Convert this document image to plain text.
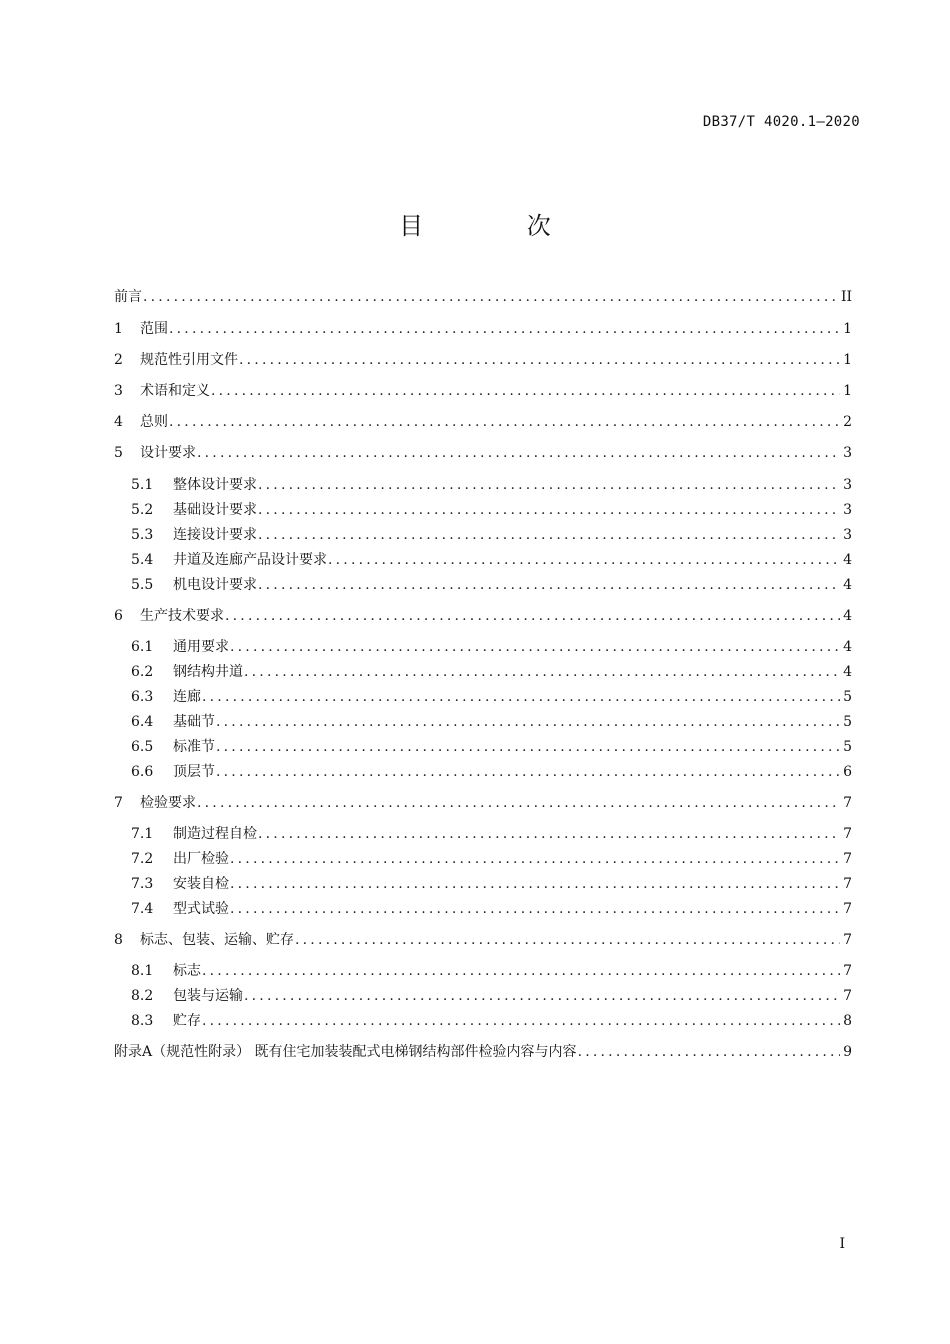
DB37/T 4020.1—2020
目 次
前言 .....	II
1	范围 .....	1
2	规范性引用文件 .....	1
3	术语和定义 .....	1
4	总则 .....	2
5	设计要求 .....	3
5.1	整体设计要求 .....	3
5.2	基础设计要求 .....	3
5.3	连接设计要求 .....	3
5.4	井道及连廊产品设计要求 .....	4
5.5	机电设计要求 .....	4
6	生产技术要求 .....	4
6.1	通用要求 .....	4
6.2	钢结构井道 .....	4
6.3	连廊 .....	5
6.4	基础节 .....	5
6.5	标准节 .....	5
6.6	顶层节 .....	6
7	检验要求 .....	7
7.1	制造过程自检 .....	7
7.2	出厂检验 .....	7
7.3	安装自检 .....	7
7.4	型式试验 .....	7
8	标志、包装、运输、贮存 .....	7
8.1	标志 .....	7
8.2	包装与运输 .....	7
8.3	贮存 .....	8
附录A（规范性附录） 既有住宅加装装配式电梯钢结构部件检验内容与内容 .....	9
I
